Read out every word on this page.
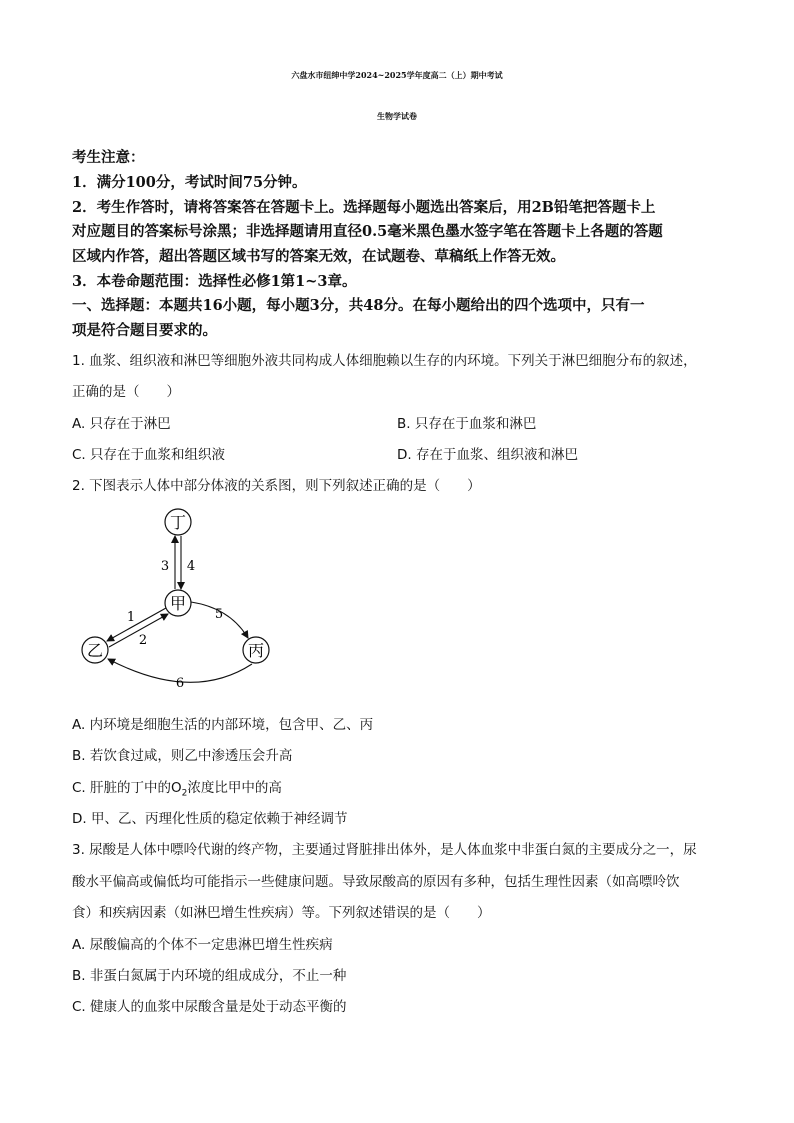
六盘水市纽绅中学2024~2025学年度高二（上）期中考试
生物学试卷
考生注意：
1．满分100分，考试时间75分钟。
2．考生作答时，请将答案答在答题卡上。选择题每小题选出答案后，用2B铅笔把答题卡上
对应题目的答案标号涂黑；非选择题请用直径0.5毫米黑色墨水签字笔在答题卡上各题的答题
区域内作答，超出答题区域书写的答案无效，在试题卷、草稿纸上作答无效。
3．本卷命题范围：选择性必修1第1~3章。
一、选择题：本题共16小题，每小题3分，共48分。在每小题给出的四个选项中，只有一
项是符合题目要求的。
1. 血浆、组织液和淋巴等细胞外液共同构成人体细胞赖以生存的内环境。下列关于淋巴细胞分布的叙述，
正确的是（　　）
A. 只存在于淋巴	B. 只存在于血浆和淋巴
C. 只存在于血浆和组织液	D. 存在于血浆、组织液和淋巴
2. 下图表示人体中部分体液的关系图，则下列叙述正确的是（　　）
丁
甲
乙	丙
3 4
1
2
5
6
A. 内环境是细胞生活的内部环境，包含甲、乙、丙
B. 若饮食过咸，则乙中渗透压会升高
C. 肝脏的丁中的$O_2$浓度比甲中的高
D. 甲、乙、丙理化性质的稳定依赖于神经调节
3. 尿酸是人体中嘌呤代谢的终产物，主要通过肾脏排出体外，是人体血浆中非蛋白氮的主要成分之一，尿
酸水平偏高或偏低均可能指示一些健康问题。导致尿酸高的原因有多种，包括生理性因素（如高嘌呤饮
食）和疾病因素（如淋巴增生性疾病）等。下列叙述错误的是（　　）
A. 尿酸偏高的个体不一定患淋巴增生性疾病
B. 非蛋白氮属于内环境的组成成分，不止一种
C. 健康人的血浆中尿酸含量是处于动态平衡的
